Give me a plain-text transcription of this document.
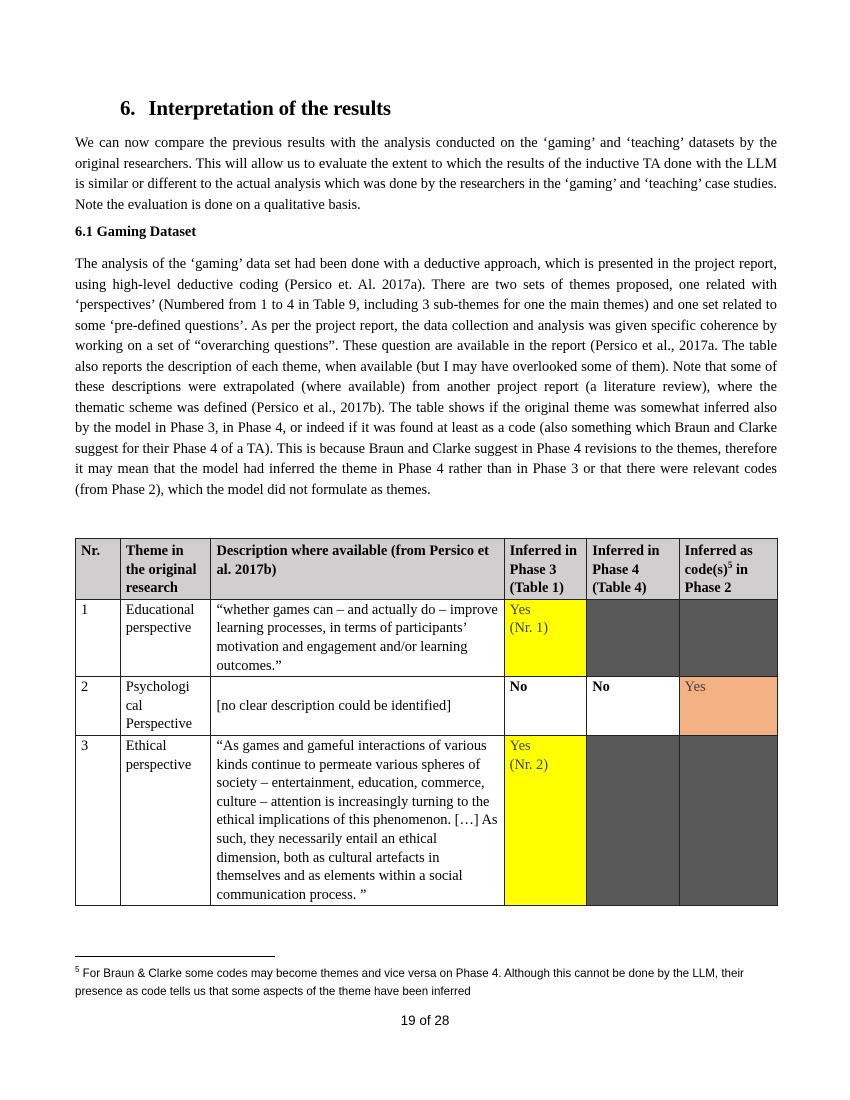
6. Interpretation of the results

We can now compare the previous results with the analysis conducted on the ‘gaming’ and ‘teaching’ datasets by the original researchers. This will allow us to evaluate the extent to which the results of the inductive TA done with the LLM is similar or different to the actual analysis which was done by the researchers in the ‘gaming’ and ‘teaching’ case studies. Note the evaluation is done on a qualitative basis.

6.1 Gaming Dataset

The analysis of the ‘gaming’ data set had been done with a deductive approach, which is presented in the project report, using high-level deductive coding (Persico et. Al. 2017a). There are two sets of themes proposed, one related with ‘perspectives’ (Numbered from 1 to 4 in Table 9, including 3 sub-themes for one the main themes) and one set related to some ‘pre-defined questions’. As per the project report, the data collection and analysis was given specific coherence by working on a set of “overarching questions”. These question are available in the report (Persico et al., 2017a. The table also reports the description of each theme, when available (but I may have overlooked some of them). Note that some of these descriptions were extrapolated (where available) from another project report (a literature review), where the thematic scheme was defined (Persico et al., 2017b). The table shows if the original theme was somewhat inferred also by the model in Phase 3, in Phase 4, or indeed if it was found at least as a code (also something which Braun and Clarke suggest for their Phase 4 of a TA). This is because Braun and Clarke suggest in Phase 4 revisions to the themes, therefore it may mean that the model had inferred the theme in Phase 4 rather than in Phase 3 or that there were relevant codes (from Phase 2), which the model did not formulate as themes.

Nr.	Theme in the original research	Description where available (from Persico et al. 2017b)	Inferred in Phase 3 (Table 1)	Inferred in Phase 4 (Table 4)	Inferred as $code(s)^5$ in Phase 2
1	Educational perspective	“whether games can – and actually do – improve learning processes, in terms of participants’ motivation and engagement and/or learning outcomes.”	Yes
(Nr. 1)		
2	Psychologi cal Perspective	[no clear description could be identified]	No	No	Yes
3	Ethical perspective	“As games and gameful interactions of various kinds continue to permeate various spheres of society – entertainment, education, commerce, culture – attention is increasingly turning to the ethical implications of this phenomenon. […] As such, they necessarily entail an ethical dimension, both as cultural artefacts in themselves and as elements within a social communication process. ”	Yes
(Nr. 2)		

$^5$ For Braun & Clarke some codes may become themes and vice versa on Phase 4. Although this cannot be done by the LLM, their presence as code tells us that some aspects of the theme have been inferred

19 of 28
